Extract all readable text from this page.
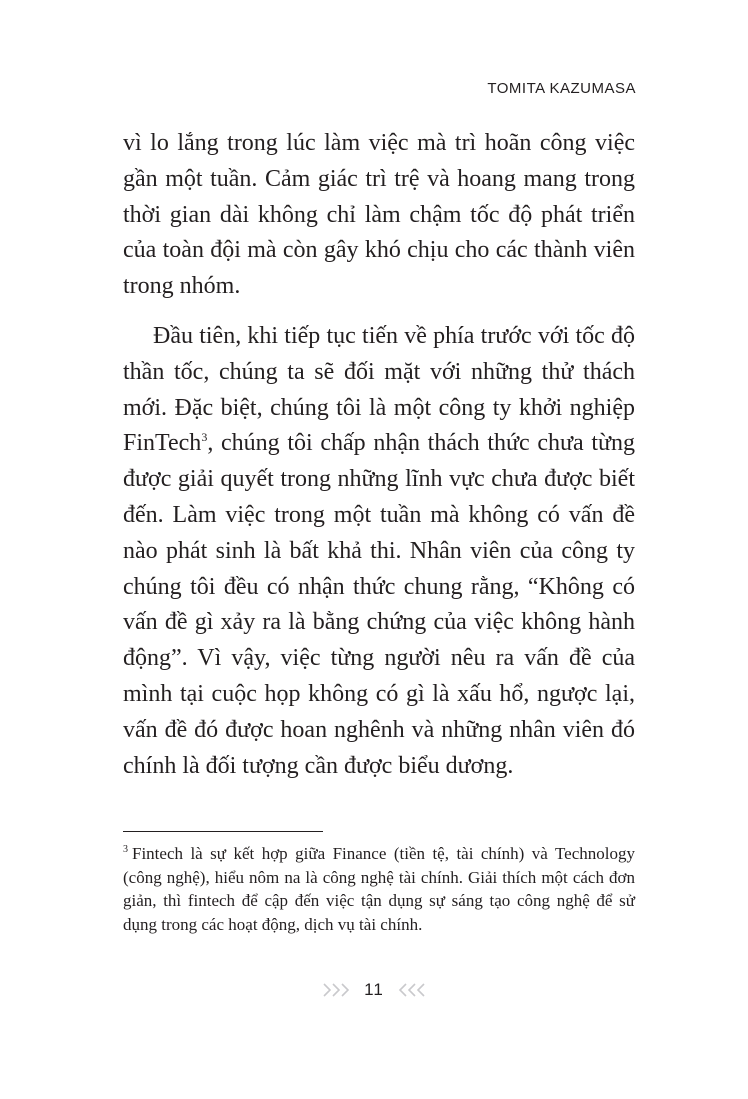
TOMITA KAZUMASA

vì lo lắng trong lúc làm việc mà trì hoãn công việc gần một tuần. Cảm giác trì trệ và hoang mang trong thời gian dài không chỉ làm chậm tốc độ phát triển của toàn đội mà còn gây khó chịu cho các thành viên trong nhóm.

Đầu tiên, khi tiếp tục tiến về phía trước với tốc độ thần tốc, chúng ta sẽ đối mặt với những thử thách mới. Đặc biệt, chúng tôi là một công ty khởi nghiệp FinTech$^3$, chúng tôi chấp nhận thách thức chưa từng được giải quyết trong những lĩnh vực chưa được biết đến. Làm việc trong một tuần mà không có vấn đề nào phát sinh là bất khả thi. Nhân viên của công ty chúng tôi đều có nhận thức chung rằng, “Không có vấn đề gì xảy ra là bằng chứng của việc không hành động”. Vì vậy, việc từng người nêu ra vấn đề của mình tại cuộc họp không có gì là xấu hổ, ngược lại, vấn đề đó được hoan nghênh và những nhân viên đó chính là đối tượng cần được biểu dương.

$^3$ Fintech là sự kết hợp giữa Finance (tiền tệ, tài chính) và Technology (công nghệ), hiểu nôm na là công nghệ tài chính. Giải thích một cách đơn giản, thì fintech để cập đến việc tận dụng sự sáng tạo công nghệ để sử dụng trong các hoạt động, dịch vụ tài chính.
11
